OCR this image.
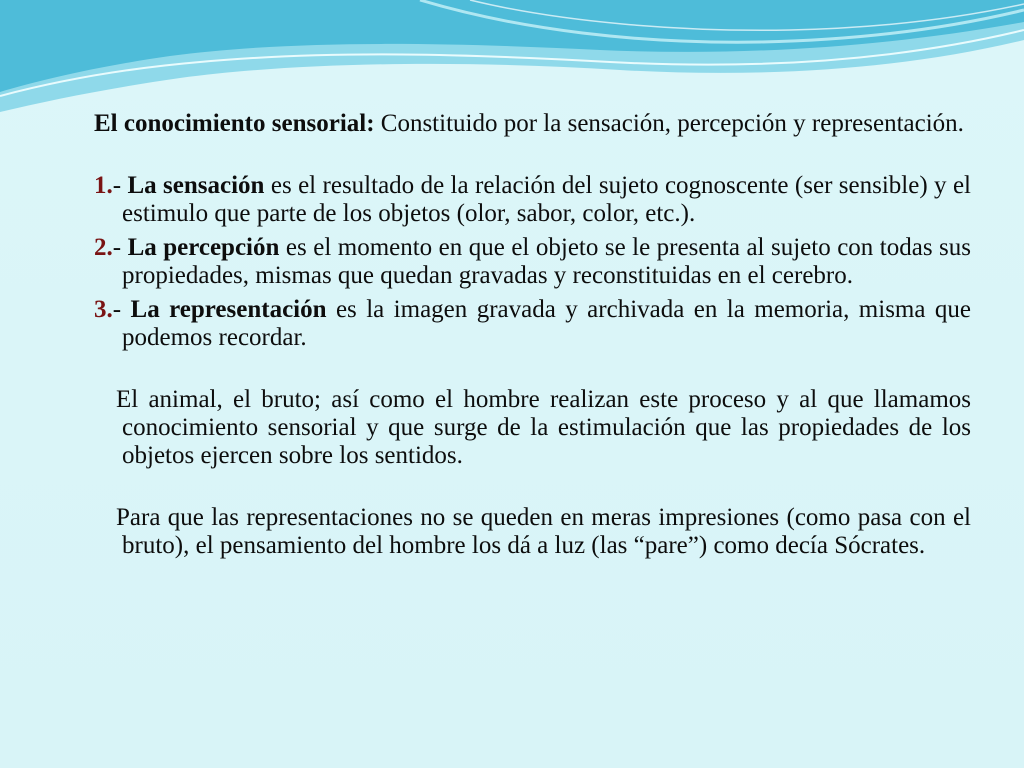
El conocimiento sensorial: Constituido por la sensación, percepción y representación.

1.- La sensación es el resultado de la relación del sujeto cognoscente (ser sensible) y el estimulo que parte de los objetos (olor, sabor, color, etc.).

2.- La percepción es el momento en que el objeto se le presenta al sujeto con todas sus propiedades, mismas que quedan gravadas y reconstituidas en el cerebro.

3.- La representación es la imagen gravada y archivada en la memoria, misma que podemos recordar.

El animal, el bruto; así como el hombre realizan este proceso y al que llamamos conocimiento sensorial y que surge de la estimulación que las propiedades de los objetos ejercen sobre los sentidos.

Para que las representaciones no se queden en meras impresiones (como pasa con el bruto), el pensamiento del hombre los dá a luz (las “pare”) como decía Sócrates.
